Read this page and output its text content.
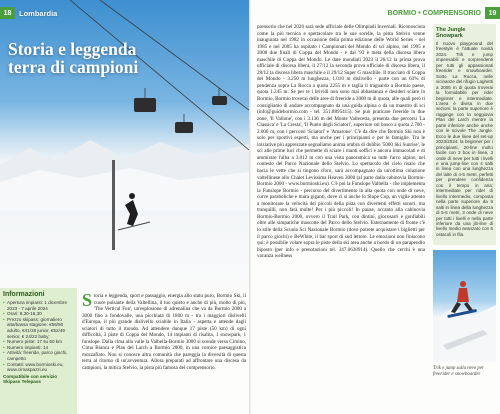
18	Lombardia
Storia e leggenda
terra di campioni
Informazioni
• Apertura impianti: 1 dicembre 2023 - 7 aprile 2024
• Orari: 8,30-16,30
• Prezzo skipass: giornaliero alta/bassa stagione: €56/50 adulto, €41/38 junior, €52/49 senior, € 24/22 baby;
• Numero piste: 17 su 50 km
• Numero impianti: 14
• Attività: freeride, parco giochi, campetto
• Contatti: www.bormioski.eu, www.cimaspazzi.eu
Compatibile con servizio Skipass Telepass
Storia e leggenda, sport e passaggio, energia allo stato puro, Bormio Ski, il cuore pulsante della Valtellina, il tuo quieto e anche di più, molto di più, 'The Vertical Fun', un'esplosione di adrenalina che va da Bormio 2000 a 3000 fino a fondovalle, una picchiata di 1800 m - tra i maggiori dislivelli d'Europa, il più grande dislivello sciabile in Italia - aspetta e attende dagli sciatori di tutto il mondo. Ad attendere dunque 17 piste (50 km) di ogni difficoltà, 3 piste di Coppa del Mondo, 14 impianti di risalita, 1 snowpark, 1 funslope. Dalla cima alla valle la Valbella-Bormio 3000 si scende verso Cimino, Cima Bianca e Plan del Larch a Bormio 2000, in una cornice paesaggistica mozzafiato. Non si conosce altra comunità che pareggia la diversità di questa terra al ritorno di un'avventura. Allora preparati ad affrontare una discesa da campioni, la mitica Stelvio, la pista più famosa del comprensorio.
BORMIO • COMPRENSORIO	19
prensorio che nel 2026 sarà sede ufficiale delle Olimpiadi Invernali. Riconosciuta come la più tecnica e spettacolare tra le sue sorelle, la pista Stelvio venne inaugurata nel 1982 in occasione della prima edizione delle World Series - nel 1985 e nel 2005 ha ospitato i Campionati del Mondo di sci alpino, nel 1995 e 2008 due finali di Coppa del Mondo - e dal '93 è meta della discesa libera maschile di Coppa del Mondo. Le date mondiali 2023 il 26/12 la prima prova ufficiale di discesa libera, il 27/12 la seconda prova ufficiale di discesa libera, il 28/12 la discesa libera maschile e il 29/12 Super G maschile. Il tracciato di Coppa del Mondo - 3.250 m lunghezza, 1.010 m dislivello - parte con un 63% di pendenza sopra La Rocca a quota 2255 m e taglia il traguardo a Bormio paese, quota 1.245 m. Se per te i brividi non sono mai abbastanza e desideri sciare in Bormio, Bormio troverai delle aree di freeride a 3000 m di quota, alle quali però ti consigliamo di andare accompagnato da una guida alpina o da un maestro di sci (info@guidebormio.com - tel. 351.8895415). Se può praticare freeride in due zone, 'Il Vallone', con i 3.136 m del Monte Vallecetta, presenta due percorsi 'La Classica' e 'La Cresta', 'Il Punto degli Sciatori', superiore sul bosco a quota 2.700 - 2.000 m, con i percorsi 'Sciatori' e 'Amarone'. C'è da dire che Bormio Ski non è solo per sportivi esperti, ma anche per i principianti e per le famiglie. Tra le iniziative più apprezzate segnaliamo anima ombra di dubbio '5000 Ski Sunrise', le sci alle prime luci che permette di sciare i manti soffici e ancora immacolati e di ammirare l'alba a 3.012 m con una vista panoramica su tutte l'arco alpino, nel contesto del Parco Nazionale dello Stelvio. Lo spettacolo del cielo risaro che bacia le vette che si tingono d'oro, sarà accompagnato da un'ottima colazione valtellinese allo Chalet Levissima Heaven 3000 (al parte dalla cabinovia Bormio-Bormio 2000 - www.bormioski.eu). C'è poi la Funslope Valbella - che implementa la Funslope Bormio - percorso del divertimento in alta quota con onde di neve, curve paraboliche e mura giganti, dove ci si anche lo Slope Cop, un vigile attento a monitorare la velocità dei piccoli della pista con divertenti effetti sonori, ma tranquilli, non farà multe! Per i più piccoli! In pause, accanto alla cabinovia Bormio-Bormio 2000, ovvero il Trail Park, con dintini, giocosarri e gonfiabili oltre alle simpatiche mascotte del Parco dello Stelvio. Esternamente di fronte c'è lo stile della Scuola Sci Nazionale Bormio (dove potrete acquistare i biglietti per il parco giochi) e BeWhite, il bar sport di sud lettore. Le emozioni non finiscono qui: è possibile volare sopra le piste della ski area anche a bordo di un parapendio biposto (per info e prenotazioni tel. 347.0638914). Quello che cerchi è una vacanza wellness
The Jungle Snowpark
Il nuovo playground del freestyle è l'attuale novità 2024. Trik e jump impensabili e sorprendenti per tutti gli appassionati freerider e snowboarder. Sotto La Rocca, nelle vicinanze del rifugio Laghetti a 2005 m di quota troverai la formidabile per rider beginner e intermediate. L'area è divisa in due sezioni: la parte superiore è ragginge con la seggiovia Plan del Larch mentre la parte inferiore anche anche con le scivole The Jungle. Ecco le due linee del set-up 2023/2024: la beginner per i principianti, 20-line molto facile con 3 box in linea, 3 onde di neve per tutti i livelli e una jump-line con 4 salti in linea con una lunghezza del lalte di 4-5 metri, perfetti per prendere confidenza con il tempo in aria; intermediate per rider di livello intermedio, composta nella parte superiore da 5 salti in linea della lunghezza di 5-6 metri, 3 onde di neve per tutti i livelli e nella parte inferiore da una jib-line di livello medio avanzato con 6 ostacoli in fila.
Trik e jump sulla neve per freerider e snowboarder
